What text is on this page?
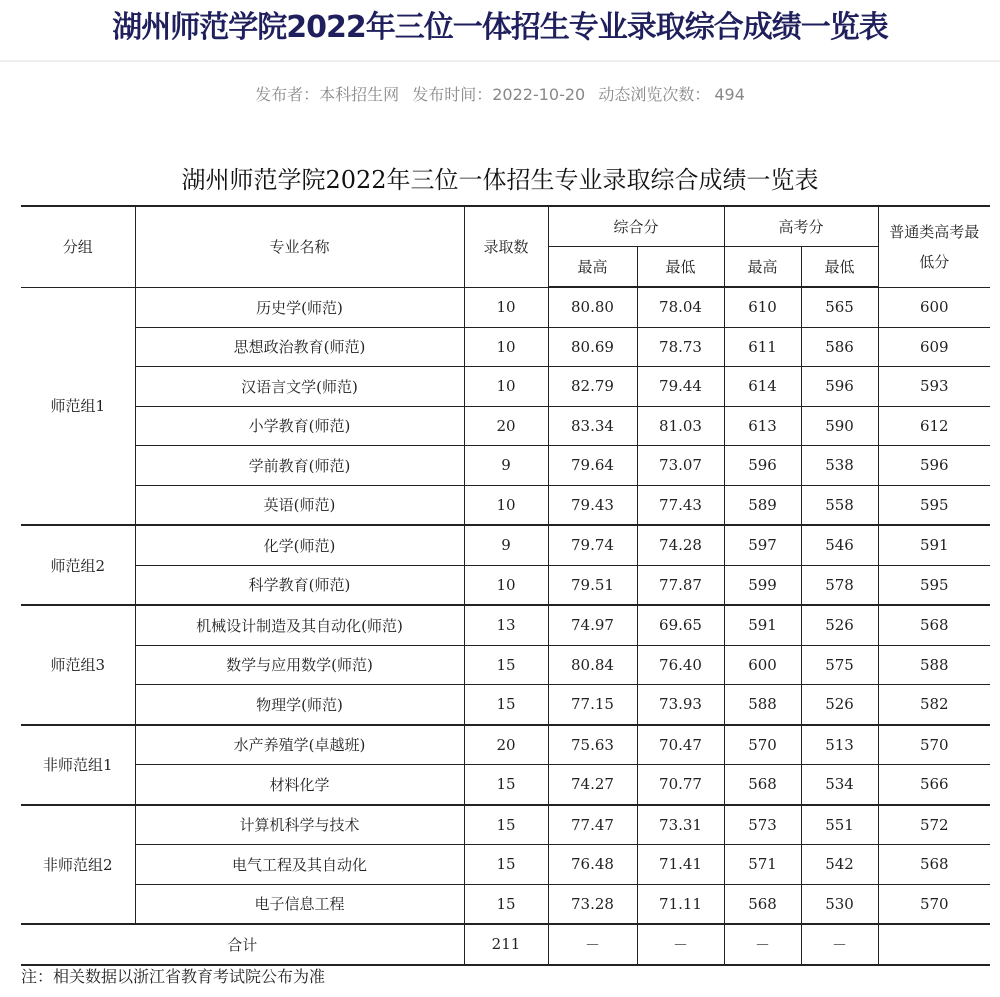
湖州师范学院2022年三位一体招生专业录取综合成绩一览表
发布者：本科招生网 发布时间：2022-10-20 动态浏览次数： 494
湖州师范学院2022年三位一体招生专业录取综合成绩一览表
分组	专业名称	录取数	综合分		高考分		普通类高考最低分
			最高	最低	最高	最低	
师范组1	历史学(师范)	10	80.80	78.04	610	565	600
	思想政治教育(师范)	10	80.69	78.73	611	586	609
	汉语言文学(师范)	10	82.79	79.44	614	596	593
	小学教育(师范)	20	83.34	81.03	613	590	612
	学前教育(师范)	9	79.64	73.07	596	538	596
	英语(师范)	10	79.43	77.43	589	558	595
师范组2	化学(师范)	9	79.74	74.28	597	546	591
	科学教育(师范)	10	79.51	77.87	599	578	595
师范组3	机械设计制造及其自动化(师范)	13	74.97	69.65	591	526	568
	数学与应用数学(师范)	15	80.84	76.40	600	575	588
	物理学(师范)	15	77.15	73.93	588	526	582
非师范组1	水产养殖学(卓越班)	20	75.63	70.47	570	513	570
	材料化学	15	74.27	70.77	568	534	566
非师范组2	计算机科学与技术	15	77.47	73.31	573	551	572
	电气工程及其自动化	15	76.48	71.41	571	542	568
	电子信息工程	15	73.28	71.11	568	530	570
合计		211	－	－	－	－	
注：相关数据以浙江省教育考试院公布为准
